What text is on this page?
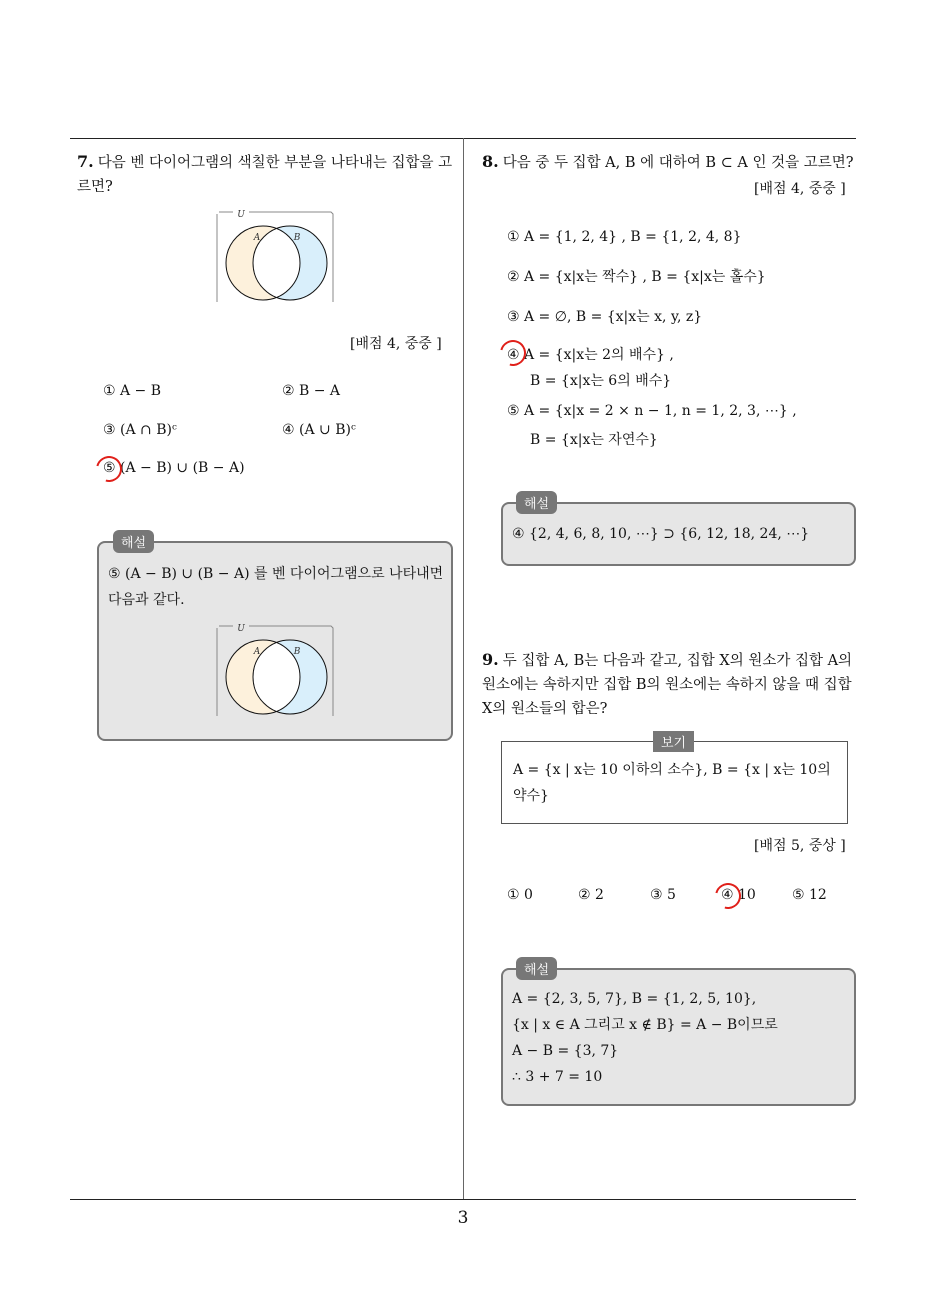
3
7. 다음 벤 다이어그램의 색칠한 부분을 나타내는 집합을 고르면?
U
A	B
[배점 4, 중중 ]
① A − B	② B − A
③ (A ∩ B)ᶜ	④ (A ∪ B)ᶜ
⑤ (A − B) ∪ (B − A)
해설
⑤ (A − B) ∪ (B − A) 를 벤 다이어그램으로 나타내면 다음과 같다.
U
A	B
8. 다음 중 두 집합 A, B 에 대하여 B ⊂ A 인 것을 고르면?
[배점 4, 중중 ]
① A = {1, 2, 4} , B = {1, 2, 4, 8}
② A = {x|x는 짝수} , B = {x|x는 홀수}
③ A = ∅, B = {x|x는 x, y, z}
④ A = {x|x는 2의 배수} ,
B = {x|x는 6의 배수}
⑤ A = {x|x = 2 × n − 1, n = 1, 2, 3, ⋯} ,
B = {x|x는 자연수}
해설
④ {2, 4, 6, 8, 10, ⋯} ⊃ {6, 12, 18, 24, ⋯}
9. 두 집합 A, B는 다음과 같고, 집합 X의 원소가 집합 A의 원소에는 속하지만 집합 B의 원소에는 속하지 않을 때 집합 X의 원소들의 합은?
보기
A = {x | x는 10 이하의 소수}, B = {x | x는 10의 약수}
[배점 5, 중상 ]
① 0	② 2	③ 5	④ 10	⑤ 12
해설
A = {2, 3, 5, 7}, B = {1, 2, 5, 10},
{x | x ∈ A 그리고 x ∉ B} = A − B이므로
A − B = {3, 7}
∴ 3 + 7 = 10
